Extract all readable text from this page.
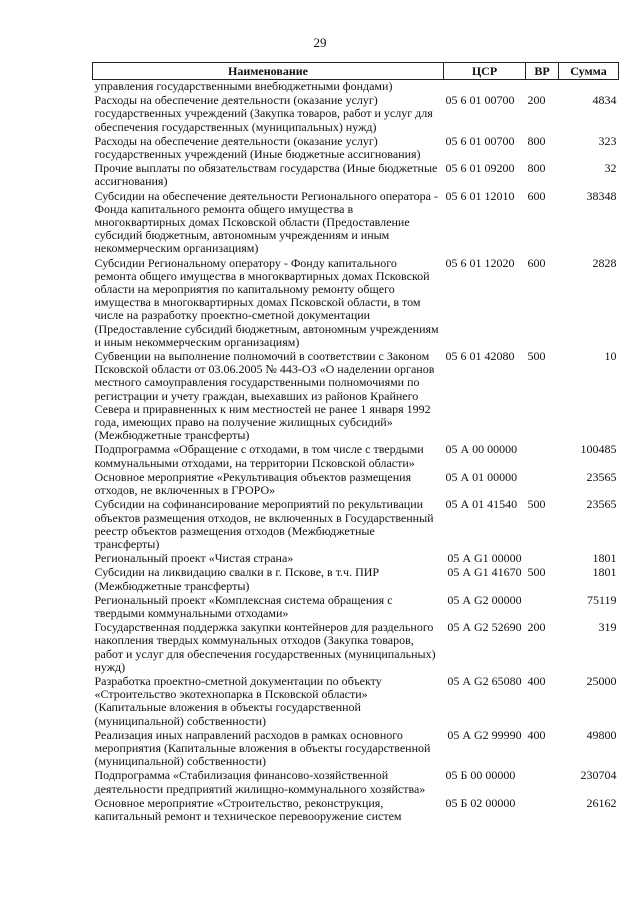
29
Наименование	ЦСР	ВР	Сумма
управления государственными внебюджетными фондами)			
Расходы на обеспечение деятельности (оказание услуг) государственных учреждений (Закупка товаров, работ и услуг для обеспечения государственных (муниципальных) нужд)	05 6 01 00700	200	4834
Расходы на обеспечение деятельности (оказание услуг) государственных учреждений (Иные бюджетные ассигнования)	05 6 01 00700	800	323
Прочие выплаты по обязательствам государства (Иные бюджетные ассигнования)	05 6 01 09200	800	32
Субсидии на обеспечение деятельности Регионального оператора - Фонда капитального ремонта общего имущества в многоквартирных домах Псковской области (Предоставление субсидий бюджетным, автономным учреждениям и иным некоммерческим организациям)	05 6 01 12010	600	38348
Субсидии Региональному оператору - Фонду капитального ремонта общего имущества в многоквартирных домах Псковской области на мероприятия по капитальному ремонту общего имущества в многоквартирных домах Псковской области, в том числе на разработку проектно-сметной документации (Предоставление субсидий бюджетным, автономным учреждениям и иным некоммерческим организациям)	05 6 01 12020	600	2828
Субвенции на выполнение полномочий в соответствии с Законом Псковской области от 03.06.2005 № 443-ОЗ «О наделении органов местного самоуправления государственными полномочиями по регистрации и учету граждан, выехавших из районов Крайнего Севера и приравненных к ним местностей не ранее 1 января 1992 года, имеющих право на получение жилищных субсидий» (Межбюджетные трансферты)	05 6 01 42080	500	10
Подпрограмма «Обращение с отходами, в том числе с твердыми коммунальными отходами, на территории Псковской области»	05 А 00 00000		100485
Основное мероприятие «Рекультивация объектов размещения отходов, не включенных в ГРОРО»	05 А 01 00000		23565
Субсидии на софинансирование мероприятий по рекультивации объектов размещения отходов, не включенных в Государственный реестр объектов размещения отходов (Межбюджетные трансферты)	05 А 01 41540	500	23565
Региональный проект «Чистая страна»	05 А G1 00000		1801
Субсидии на ликвидацию свалки в г. Пскове, в т.ч. ПИР (Межбюджетные трансферты)	05 А G1 41670	500	1801
Региональный проект «Комплексная система обращения с твердыми коммунальными отходами»	05 А G2 00000		75119
Государственная поддержка закупки контейнеров для раздельного накопления твердых коммунальных отходов (Закупка товаров, работ и услуг для обеспечения государственных (муниципальных) нужд)	05 А G2 52690	200	319
Разработка проектно-сметной документации по объекту «Строительство экотехнопарка в Псковской области» (Капитальные вложения в объекты государственной (муниципальной) собственности)	05 А G2 65080	400	25000
Реализация иных направлений расходов в рамках основного мероприятия (Капитальные вложения в объекты государственной (муниципальной) собственности)	05 А G2 99990	400	49800
Подпрограмма «Стабилизация финансово-хозяйственной деятельности предприятий жилищно-коммунального хозяйства»	05 Б 00 00000		230704
Основное мероприятие «Строительство, реконструкция, капитальный ремонт и техническое перевооружение систем	05 Б 02 00000		26162
